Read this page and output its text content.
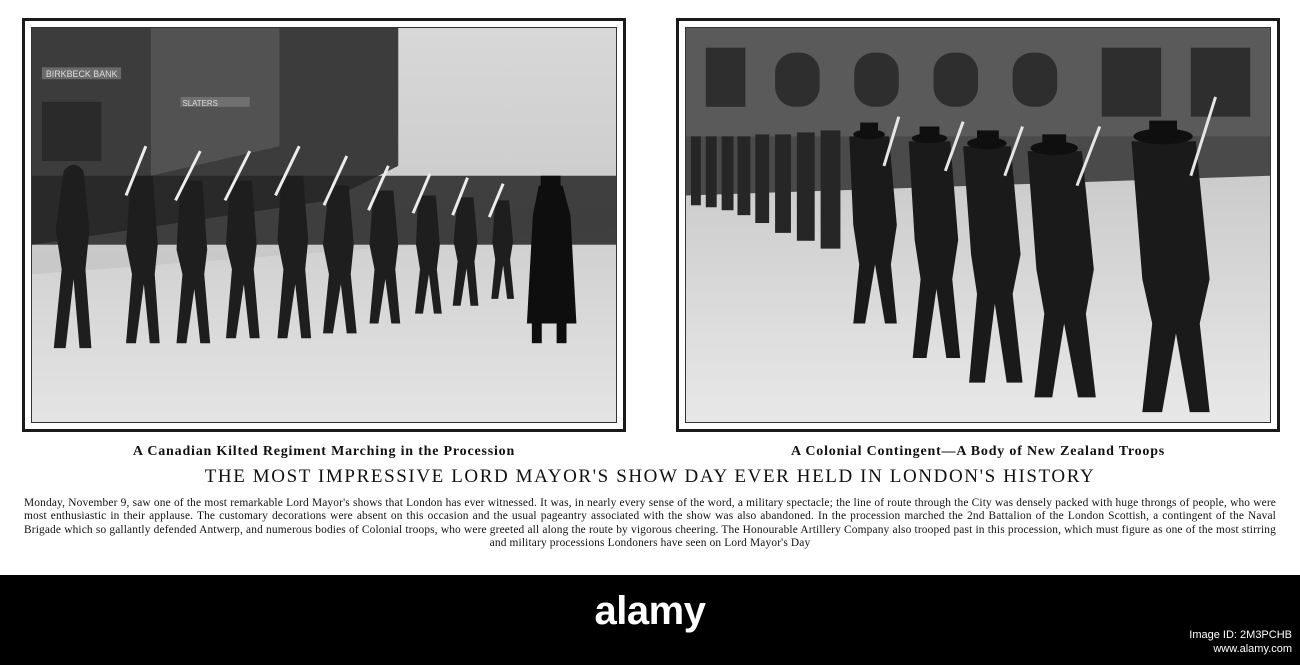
BIRKBECK BANK
SLATERS
A Canadian Kilted Regiment Marching in the Procession	A Colonial Contingent—A Body of New Zealand Troops
THE MOST IMPRESSIVE LORD MAYOR'S SHOW DAY EVER HELD IN LONDON'S HISTORY
Monday, November 9, saw one of the most remarkable Lord Mayor's shows that London has ever witnessed. It was, in nearly every sense of the word, a military spectacle; the line of route through the City was densely packed with huge throngs of people, who were most enthusiastic in their applause. The customary decorations were absent on this occasion and the usual pageantry associated with the show was also abandoned. In the procession marched the 2nd Battalion of the London Scottish, a contingent of the Naval Brigade which so gallantly defended Antwerp, and numerous bodies of Colonial troops, who were greeted all along the route by vigorous cheering. The Honourable Artillery Company also trooped past in this procession, which must figure as one of the most stirring and military processions Londoners have seen on Lord Mayor's Day
alamy
Image ID: 2M3PCHB
www.alamy.com
